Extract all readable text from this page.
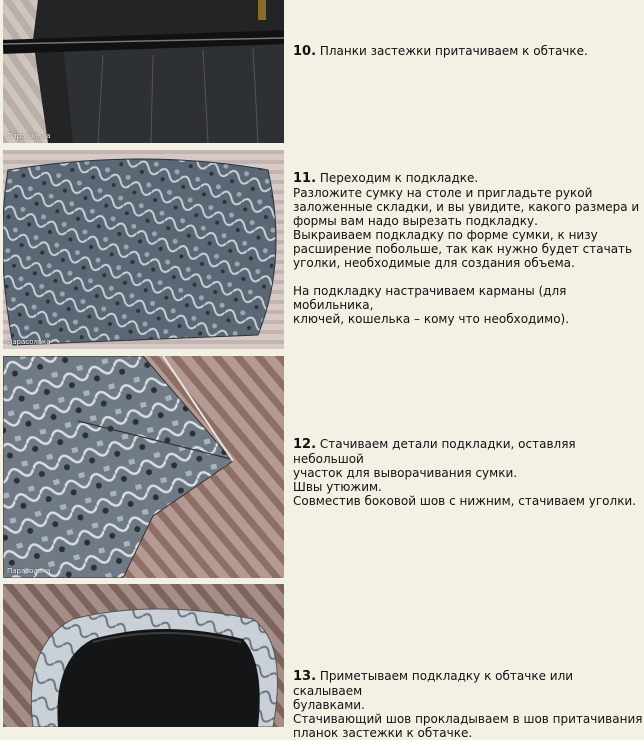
Парасолька

10. Планки застежки притачиваем к обтачке.

Парасолька

11. Переходим к подкладке.

Разложите сумку на столе и пригладьте рукой

заложенные складки, и вы увидите, какого размера и

формы вам надо вырезать подкладку.

Выкраиваем подкладку по форме сумки, к низу

расширение побольше, так как нужно будет стачать

уголки, необходимые для создания объема.

На подкладку настрачиваем карманы (для мобильника,

ключей, кошелька – кому что необходимо).

Парасолька

12. Стачиваем детали подкладки, оставляя небольшой

участок для выворачивания сумки.

Швы утюжим.

Совместив боковой шов с нижним, стачиваем уголки.

13. Приметываем подкладку к обтачке или скалываем

булавками.

Стачивающий шов прокладываем в шов притачивания

планок застежки к обтачке.
